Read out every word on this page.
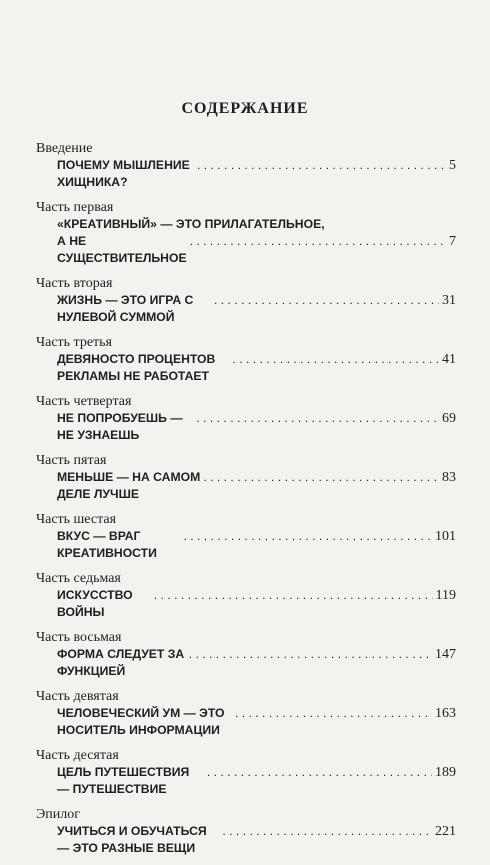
СОДЕРЖАНИЕ
Введение
ПОЧЕМУ МЫШЛЕНИЕ ХИЩНИКА?
. . .
5
Часть первая
«КРЕАТИВНЫЙ» — ЭТО ПРИЛАГАТЕЛЬНОЕ,
А НЕ СУЩЕСТВИТЕЛЬНОЕ
. . .
7
Часть вторая
ЖИЗНЬ — ЭТО ИГРА С НУЛЕВОЙ СУММОЙ
. . .
31
Часть третья
ДЕВЯНОСТО ПРОЦЕНТОВ РЕКЛАМЫ НЕ РАБОТАЕТ
. . .
41
Часть четвертая
НЕ ПОПРОБУЕШЬ — НЕ УЗНАЕШЬ
. . .
69
Часть пятая
МЕНЬШЕ — НА САМОМ ДЕЛЕ ЛУЧШЕ
. . .
83
Часть шестая
ВКУС — ВРАГ КРЕАТИВНОСТИ
. . .
101
Часть седьмая
ИСКУССТВО ВОЙНЫ
. . .
119
Часть восьмая
ФОРМА СЛЕДУЕТ ЗА ФУНКЦИЕЙ
. . .
147
Часть девятая
ЧЕЛОВЕЧЕСКИЙ УМ — ЭТО НОСИТЕЛЬ ИНФОРМАЦИИ
. . .
163
Часть десятая
ЦЕЛЬ ПУТЕШЕСТВИЯ — ПУТЕШЕСТВИЕ
. . .
189
Эпилог
УЧИТЬСЯ И ОБУЧАТЬСЯ — ЭТО РАЗНЫЕ ВЕЩИ
. . .
221
